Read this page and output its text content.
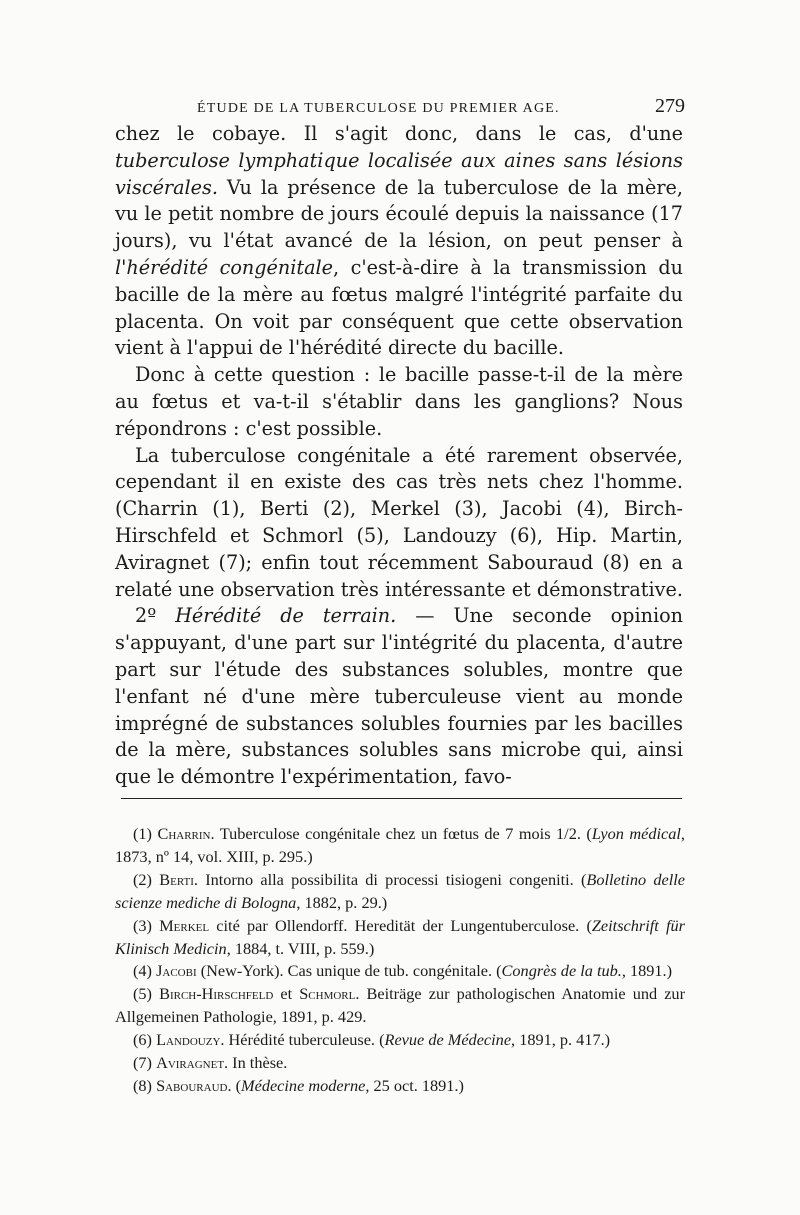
ÉTUDE DE LA TUBERCULOSE DU PREMIER AGE.	279

chez le cobaye. Il s'agit donc, dans le cas, d'une tuberculose lymphatique localisée aux aines sans lésions viscérales. Vu la présence de la tuberculose de la mère, vu le petit nombre de jours écoulé depuis la naissance (17 jours), vu l'état avancé de la lésion, on peut penser à l'hérédité congénitale, c'est-à-dire à la transmission du bacille de la mère au fœtus malgré l'intégrité parfaite du placenta. On voit par conséquent que cette observation vient à l'appui de l'hérédité directe du bacille.

Donc à cette question : le bacille passe-t-il de la mère au fœtus et va-t-il s'établir dans les ganglions? Nous répondrons : c'est possible.

La tuberculose congénitale a été rarement observée, cependant il en existe des cas très nets chez l'homme. (Charrin (1), Berti (2), Merkel (3), Jacobi (4), Birch-Hirschfeld et Schmorl (5), Landouzy (6), Hip. Martin, Aviragnet (7); enfin tout récemment Sabouraud (8) en a relaté une observation très intéressante et démonstrative.

2º Hérédité de terrain. — Une seconde opinion s'appuyant, d'une part sur l'intégrité du placenta, d'autre part sur l'étude des substances solubles, montre que l'enfant né d'une mère tuberculeuse vient au monde imprégné de substances solubles fournies par les bacilles de la mère, substances solubles sans microbe qui, ainsi que le démontre l'expérimentation, favo-

(1) Charrin. Tuberculose congénitale chez un fœtus de 7 mois 1/2. (Lyon médical, 1873, nº 14, vol. XIII, p. 295.)

(2) Berti. Intorno alla possibilita di processi tisiogeni congeniti. (Bolletino delle scienze mediche di Bologna, 1882, p. 29.)

(3) Merkel cité par Ollendorff. Heredität der Lungentuberculose. (Zeitschrift für Klinisch Medicin, 1884, t. VIII, p. 559.)

(4) Jacobi (New-York). Cas unique de tub. congénitale. (Congrès de la tub., 1891.)

(5) Birch-Hirschfeld et Schmorl. Beiträge zur pathologischen Anatomie und zur Allgemeinen Pathologie, 1891, p. 429.

(6) Landouzy. Hérédité tuberculeuse. (Revue de Médecine, 1891, p. 417.)

(7) Aviragnet. In thèse.

(8) Sabouraud. (Médecine moderne, 25 oct. 1891.)
